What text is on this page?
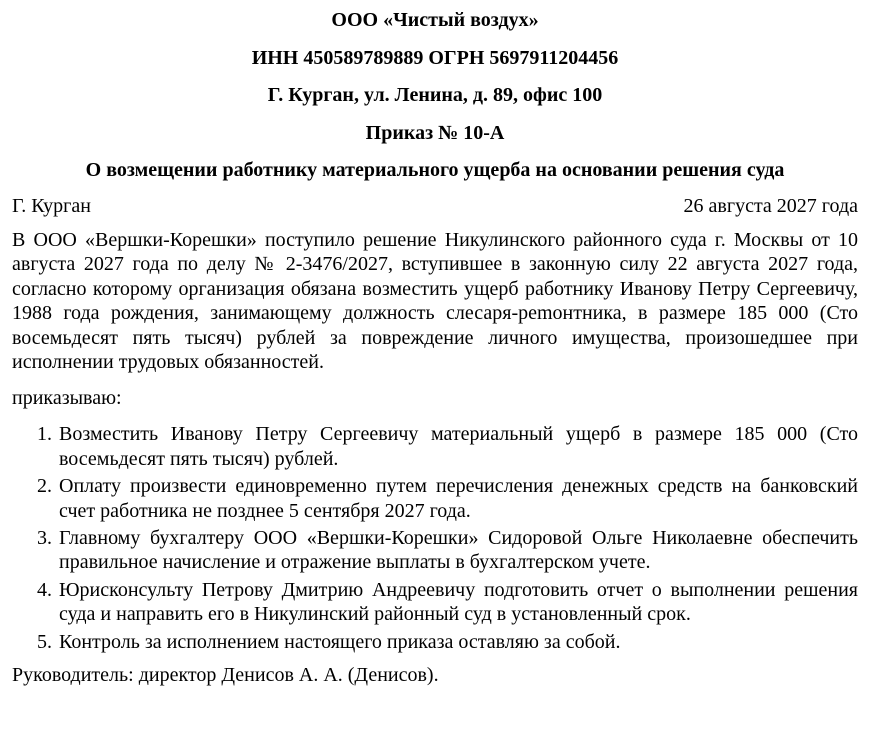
ООО «Чистый воздух»

ИНН 450589789889 ОГРН 5697911204456

Г. Курган, ул. Ленина, д. 89, офис 100

Приказ № 10-А

О возмещении работнику материального ущерба на основании решения суда

Г. Курган	26 августа 2027 года
В ООО «Вершки-Корешки» поступило решение Никулинского районного суда г. Москвы от 10 августа 2027 года по делу № 2-3476/2027, вступившее в законную силу 22 августа 2027 года, согласно которому организация обязана возместить ущерб работнику Иванову Петру Сергеевичу, 1988 года рождения, занимающему должность слесаря-реmонтника, в размере 185 000 (Сто восемьдесят пять тысяч) рублей за повреждение личного имущества, произошедшее при исполнении трудовых обязанностей.
приказываю:
1. Возместить Иванову Петру Сергеевичу материальный ущерб в размере 185 000 (Сто восемьдесят пять тысяч) рублей.
2. Оплату произвести единовременно путем перечисления денежных средств на банковский счет работника не позднее 5 сентября 2027 года.
3. Главному бухгалтеру ООО «Вершки-Корешки» Сидоровой Ольге Николаевне обеспечить правильное начисление и отражение выплаты в бухгалтерском учете.
4. Юрисконсульту Петрову Дмитрию Андреевичу подготовить отчет о выполнении решения суда и направить его в Никулинский районный суд в установленный срок.
5. Контроль за исполнением настоящего приказа оставляю за собой.
Руководитель: директор Денисов А. А. (Денисов).
